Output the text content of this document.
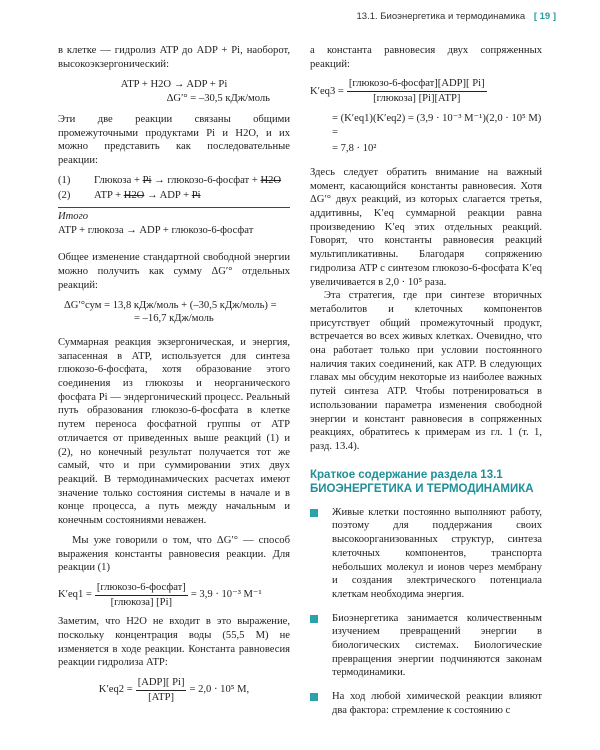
13.1. Биоэнергетика и термодинамика [ 19 ]

в клетке — гидролиз ATP до ADP + Pi, наоборот, высокоэкзергонический:

ATP + H2O → ADP + Pi
ΔG′° = –30,5 кДж/моль

Эти две реакции связаны общими промежуточными продуктами Pi и H2O, и их можно представить как последовательные реакции:

(1)	Глюкоза + Pi → глюкозо-6-фосфат + H2O
(2)	ATP + H2O → ADP + Pi
Итого
ATP + глюкоза → ADP + глюкозо-6-фосфат

Общее изменение стандартной свободной энергии можно получить как сумму ΔG′° отдельных реакций:

ΔG′°сум = 13,8 кДж/моль + (–30,5 кДж/моль) =
= –16,7 кДж/моль

Суммарная реакция экзергоническая, и энергия, запасенная в ATP, используется для синтеза глюкозо-6-фосфата, хотя образование этого соединения из глюкозы и неорганического фосфата Pi — эндергонический процесс. Реальный путь образования глюкозо-6-фосфата в клетке путем переноса фосфатной группы от ATP отличается от приведенных выше реакций (1) и (2), но конечный результат получается тот же самый, что и при суммировании этих двух реакций. В термодинамических расчетах имеют значение только состояния системы в начале и в конце процесса, а путь между начальным и конечным состояниями неважен.

Мы уже говорили о том, что ΔG′° — способ выражения константы равновесия реакции. Для реакции (1)

$K'eq1 = \frac{\text{[глюкозо-6-фосфат]}}{\text{[глюкоза] [Pi]}} = 3,9 \cdot 10^{-3}$ М⁻¹

Заметим, что H2O не входит в это выражение, поскольку концентрация воды (55,5 М) не изменяется в ходе реакции. Константа равновесия реакции гидролиза ATP:

$K'eq2 = \frac{\text{[ADP][ Pi]}}{\text{[ATP]}} = 2,0 \cdot 10^5$ М,

а константа равновесия двух сопряженных реакций:

$K'eq3 = \frac{\text{[глюкозо-6-фосфат][ADP][ Pi]}}{\text{[глюкоза] [Pi][ATP]}}$
= (K′eq1)(K′eq2) = (3,9 · 10⁻³ М⁻¹)(2,0 · 10⁵ М) =
= 7,8 · 10²

Здесь следует обратить внимание на важный момент, касающийся константы равновесия. Хотя ΔG′° двух реакций, из которых слагается третья, аддитивны, K′eq суммарной реакции равна произведению K′eq этих отдельных реакций. Говорят, что константы равновесия реакций мультипликативны. Благодаря сопряжению гидролиза ATP с синтезом глюкозо-6-фосфата K′eq увеличивается в 2,0 · 10⁵ раза.

Эта стратегия, где при синтезе вторичных метаболитов и клеточных компонентов присутствует общий промежуточный продукт, встречается во всех живых клетках. Очевидно, что она работает только при условии постоянного наличия таких соединений, как ATP. В следующих главах мы обсудим некоторые из наиболее важных путей синтеза ATP. Чтобы потренироваться в использовании параметра изменения свободной энергии и констант равновесия в сопряженных реакциях, обратитесь к примерам из гл. 1 (т. 1, разд. 13.4).

Краткое содержание раздела 13.1
БИОЭНЕРГЕТИКА И ТЕРМОДИНАМИКА

Живые клетки постоянно выполняют работу, поэтому для поддержания своих высокоорганизованных структур, синтеза клеточных компонентов, транспорта небольших молекул и ионов через мембрану и создания электрического потенциала клеткам необходима энергия.

Биоэнергетика занимается количественным изучением превращений энергии в биологических системах. Биологические превращения энергии подчиняются законам термодинамики.

На ход любой химической реакции влияют два фактора: стремление к состоянию с
